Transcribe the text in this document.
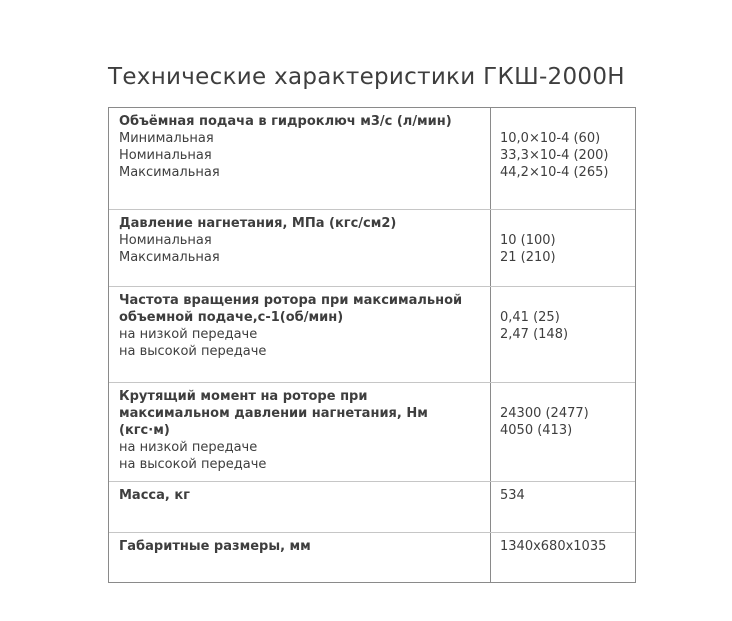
Технические характеристики ГКШ-2000Н
Объёмная подача в гидроключ м3/с (л/мин)
Минимальная
Номинальная
Максимальная
10,0×10-4 (60)
33,3×10-4 (200)
44,2×10-4 (265)
Давление нагнетания, МПа (кгс/см2)
Номинальная
Максимальная
10 (100)
21 (210)
Частота вращения ротора при максимальной объемной подаче,с-1(об/мин)
на низкой передаче
на высокой передаче
0,41 (25)
2,47 (148)
Крутящий момент на роторе при максимальном давлении нагнетания, Нм (кгс·м)
на низкой передаче
на высокой передаче
24300 (2477)
4050 (413)
Масса, кг	534
Габаритные размеры, мм	1340x680x1035
